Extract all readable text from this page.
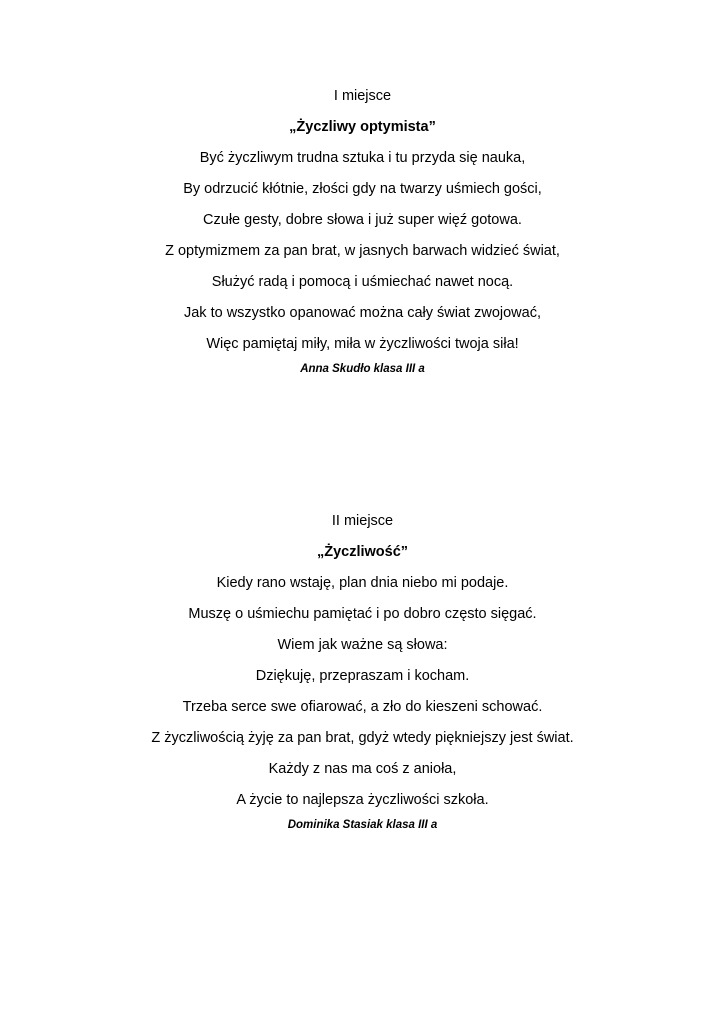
I miejsce
„Życzliwy optymista”
Być życzliwym trudna sztuka i tu przyda się nauka,
By odrzucić kłótnie, złości gdy na twarzy uśmiech gości,
Czułe gesty, dobre słowa i już super więź gotowa.
Z optymizmem za pan brat, w jasnych barwach widzieć świat,
Służyć radą i pomocą i uśmiechać nawet nocą.
Jak to wszystko opanować można cały świat zwojować,
Więc pamiętaj miły, miła w życzliwości twoja siła!
Anna Skudło klasa III a
II miejsce
„Życzliwość”
Kiedy rano wstaję, plan dnia niebo mi podaje.
Muszę o uśmiechu pamiętać i po dobro często sięgać.
Wiem jak ważne są słowa:
Dziękuję, przepraszam i kocham.
Trzeba serce swe ofiarować, a zło do kieszeni schować.
Z życzliwością żyję za pan brat, gdyż wtedy piękniejszy jest świat.
Każdy z nas ma coś z anioła,
A życie to najlepsza życzliwości szkoła.
Dominika Stasiak klasa III a
